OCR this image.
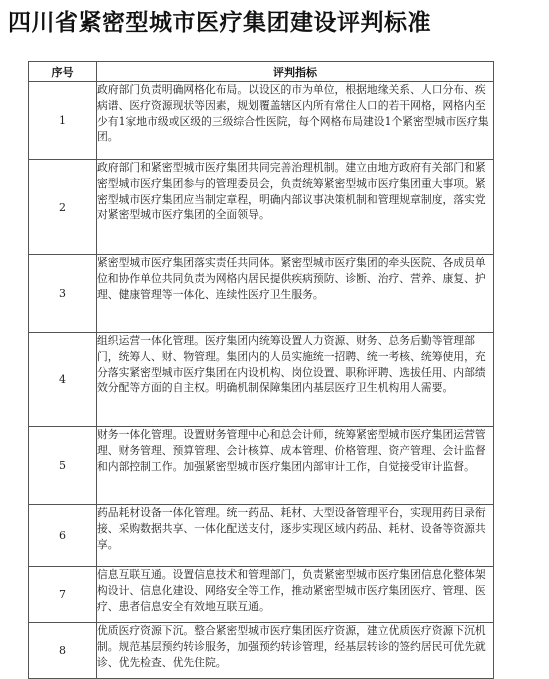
四川省紧密型城市医疗集团建设评判标准
序号	评判指标
1	政府部门负责明确网格化布局。以设区的市为单位，根据地缘关系、人口分布、疾病谱、医疗资源现状等因素，规划覆盖辖区内所有常住人口的若干网格，网格内至少有1家地市级或区级的三级综合性医院，每个网格布局建设1个紧密型城市医疗集团。
2	政府部门和紧密型城市医疗集团共同完善治理机制。建立由地方政府有关部门和紧密型城市医疗集团参与的管理委员会，负责统筹紧密型城市医疗集团重大事项。紧密型城市医疗集团应当制定章程，明确内部议事决策机制和管理规章制度，落实党对紧密型城市医疗集团的全面领导。
3	紧密型城市医疗集团落实责任共同体。紧密型城市医疗集团的牵头医院、各成员单位和协作单位共同负责为网格内居民提供疾病预防、诊断、治疗、营养、康复、护理、健康管理等一体化、连续性医疗卫生服务。
4	组织运营一体化管理。医疗集团内统筹设置人力资源、财务、总务后勤等管理部门，统筹人、财、物管理。集团内的人员实施统一招聘、统一考核、统筹使用，充分落实紧密型城市医疗集团在内设机构、岗位设置、职称评聘、选拔任用、内部绩效分配等方面的自主权。明确机制保障集团内基层医疗卫生机构用人需要。
5	财务一体化管理。设置财务管理中心和总会计师，统筹紧密型城市医疗集团运营管理、财务管理、预算管理、会计核算、成本管理、价格管理、资产管理、会计监督和内部控制工作。加强紧密型城市医疗集团内部审计工作，自觉接受审计监督。
6	药品耗材设备一体化管理。统一药品、耗材、大型设备管理平台，实现用药目录衔接、采购数据共享、一体化配送支付，逐步实现区域内药品、耗材、设备等资源共享。
7	信息互联互通。设置信息技术和管理部门，负责紧密型城市医疗集团信息化整体架构设计、信息化建设、网络安全等工作，推动紧密型城市医疗集团医疗、管理、医疗、患者信息安全有效地互联互通。
8	优质医疗资源下沉。整合紧密型城市医疗集团医疗资源，建立优质医疗资源下沉机制。规范基层预约转诊服务，加强预约转诊管理，经基层转诊的签约居民可优先就诊、优先检查、优先住院。
